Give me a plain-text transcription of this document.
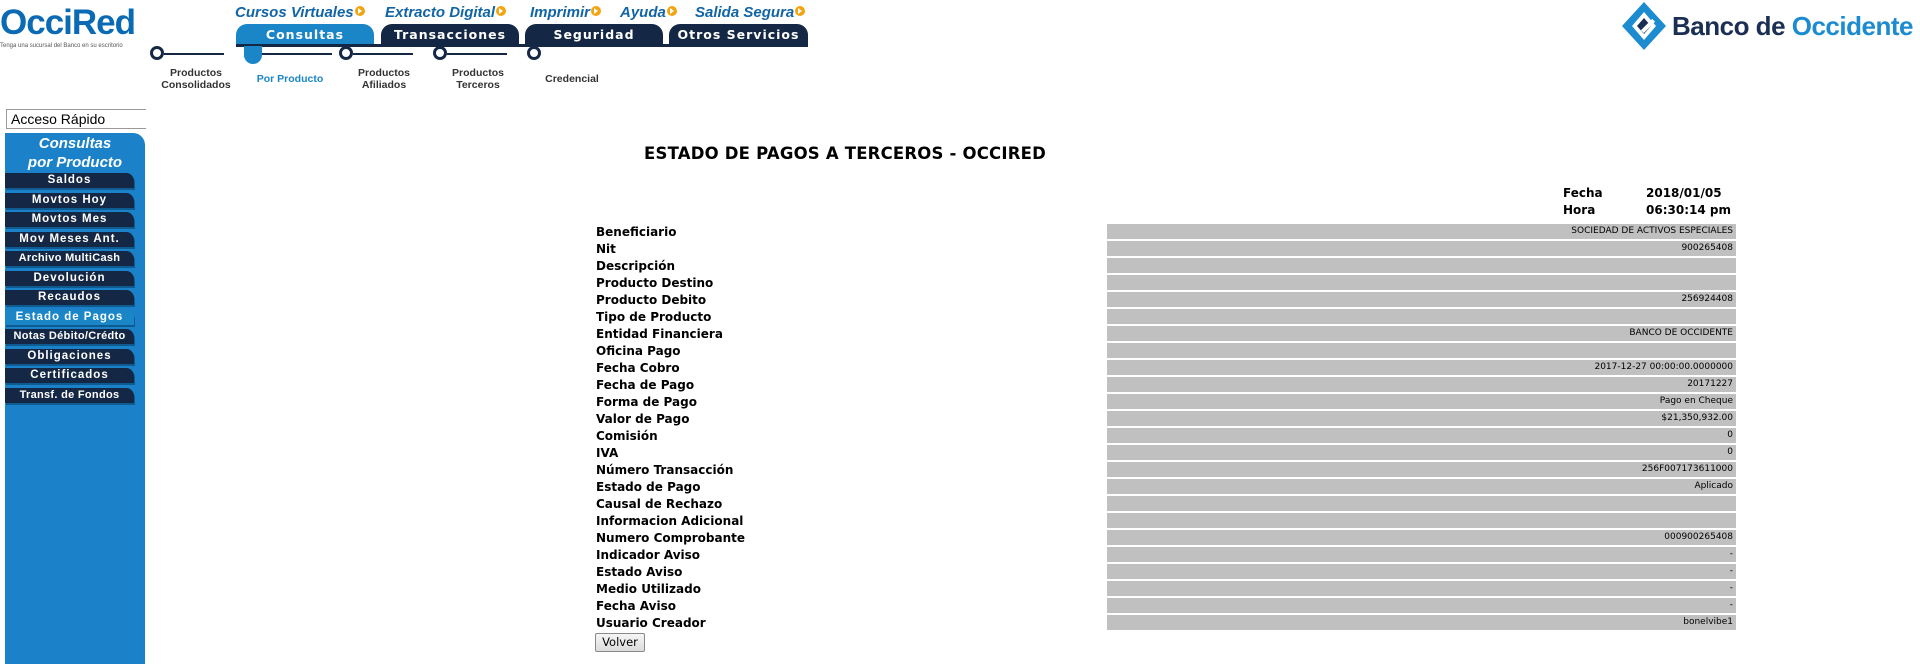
OcciRed
Tenga una sucursal del Banco en su escritorio
Cursos Virtuales	Extracto Digital	Imprimir	Ayuda	Salida Segura
Consultas	Transacciones	Seguridad	Otros Servicios
Productos
Consolidados	Por Producto	Productos
Afiliados
Productos
Terceros	Credencial
Banco de Occidente
Acceso Rápido
Consultas
por Producto
Saldos
Movtos Hoy
Movtos Mes
Mov Meses Ant.
Archivo MultiCash
Devolución
Recaudos
Estado de Pagos
Notas Débito/Crédto
Obligaciones
Certificados
Transf. de Fondos
ESTADO DE PAGOS A TERCEROS - OCCIRED
Fecha	2018/01/05
Hora	06:30:14 pm
Beneficiario	SOCIEDAD DE ACTIVOS ESPECIALES
Nit	900265408
Descripción
Producto Destino
Producto Debito	256924408
Tipo de Producto
Entidad Financiera	BANCO DE OCCIDENTE
Oficina Pago
Fecha Cobro	2017-12-27 00:00:00.0000000
Fecha de Pago	20171227
Forma de Pago	Pago en Cheque
Valor de Pago	$21,350,932.00
Comisión	0
IVA	0
Número Transacción	256F007173611000
Estado de Pago	Aplicado
Causal de Rechazo
Informacion Adicional
Numero Comprobante	000900265408
Indicador Aviso	-
Estado Aviso	-
Medio Utilizado	-
Fecha Aviso	-
Usuario Creador	bonelvibe1
Volver
